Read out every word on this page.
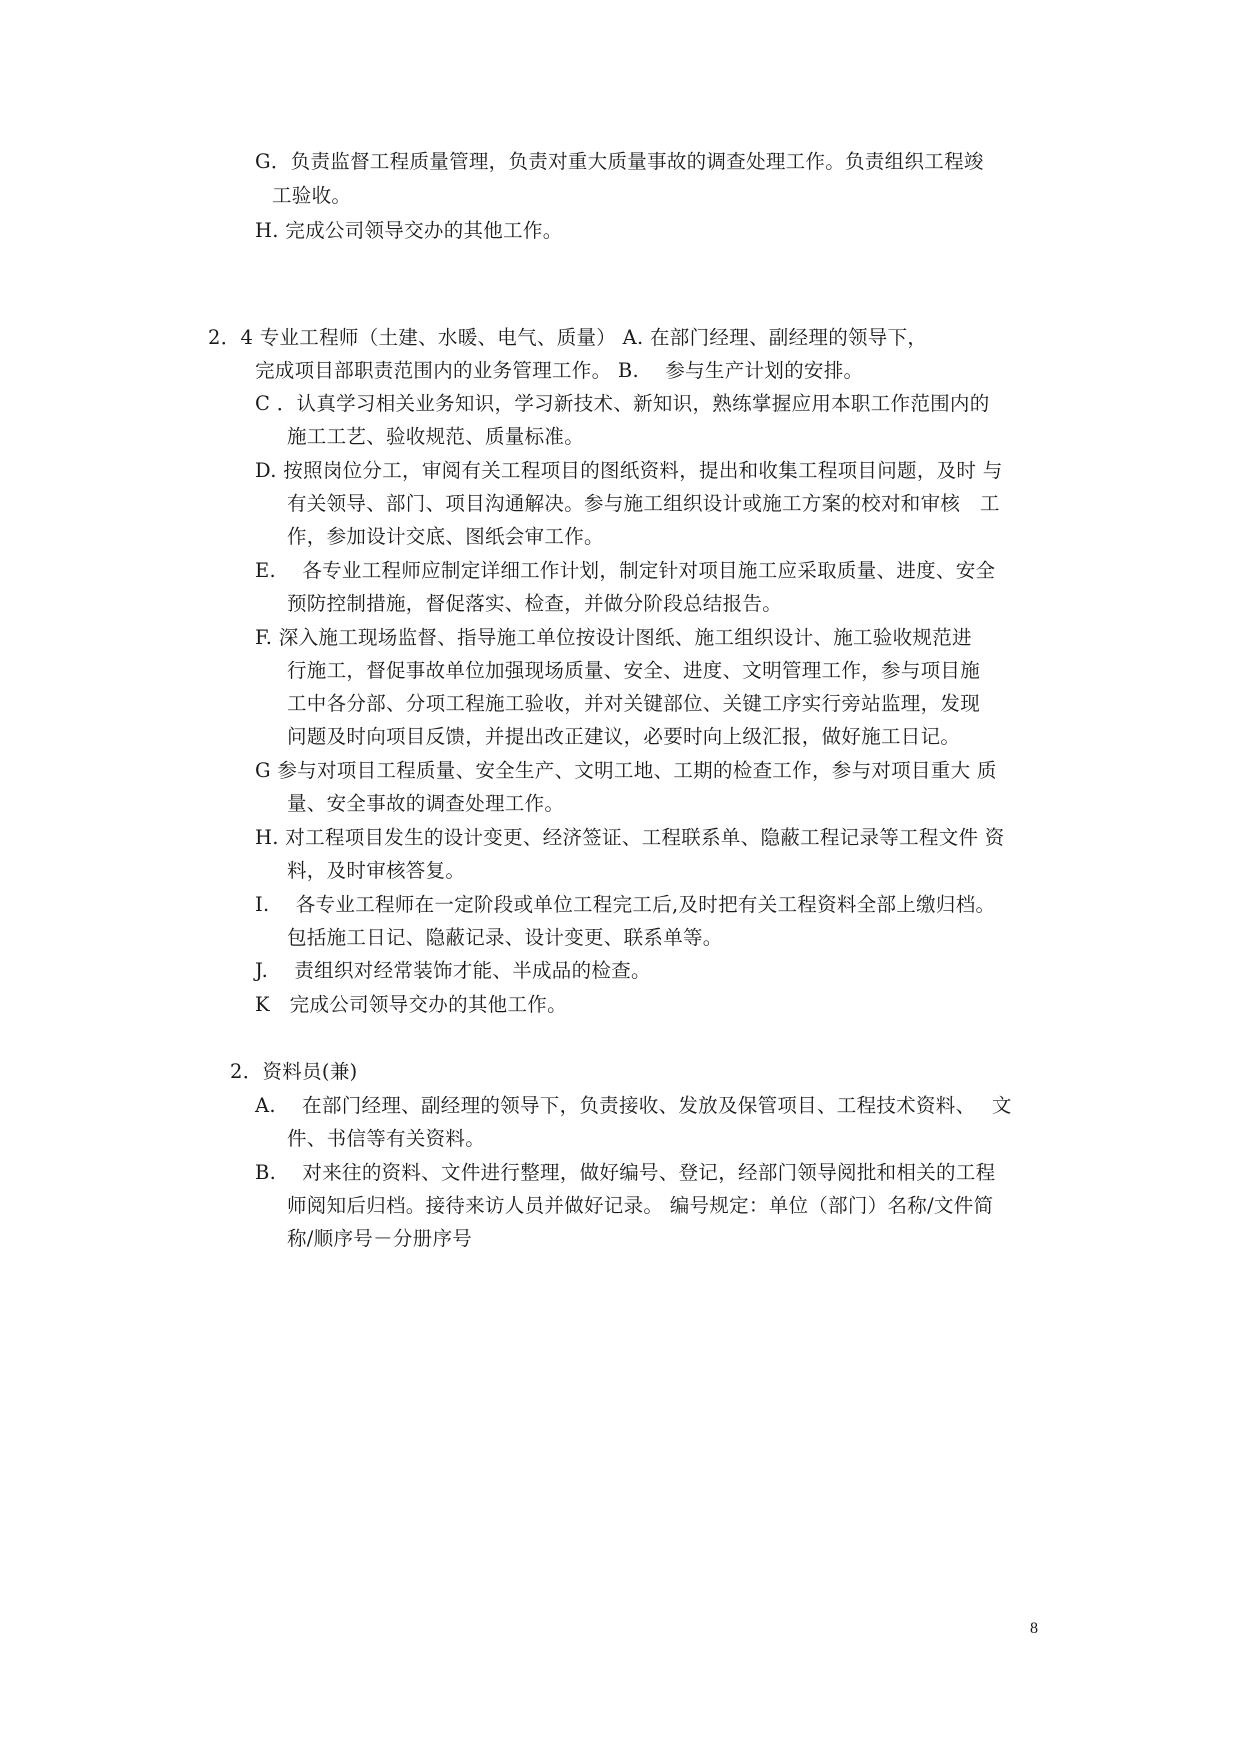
G．负责监督工程质量管理，负责对重大质量事故的调查处理工作。负责组织工程竣
工验收。
H. 完成公司领导交办的其他工作。
2．4 专业工程师（土建、水暖、电气、质量） A. 在部门经理、副经理的领导下，
完成项目部职责范围内的业务管理工作。 B.　 参与生产计划的安排。
C ．认真学习相关业务知识，学习新技术、新知识，熟练掌握应用本职工作范围内的
施工工艺、验收规范、质量标准。
D. 按照岗位分工，审阅有关工程项目的图纸资料，提出和收集工程项目问题，及时 与
有关领导、部门、项目沟通解决。参与施工组织设计或施工方案的校对和审核　工
作，参加设计交底、图纸会审工作。
E.　 各专业工程师应制定详细工作计划，制定针对项目施工应采取质量、进度、安全
预防控制措施，督促落实、检查，并做分阶段总结报告。
F. 深入施工现场监督、指导施工单位按设计图纸、施工组织设计、施工验收规范进
行施工，督促事故单位加强现场质量、安全、进度、文明管理工作，参与项目施
工中各分部、分项工程施工验收，并对关键部位、关键工序实行旁站监理，发现
问题及时向项目反馈，并提出改正建议，必要时向上级汇报，做好施工日记。
G 参与对项目工程质量、安全生产、文明工地、工期的检查工作，参与对项目重大 质
量、安全事故的调查处理工作。
H. 对工程项目发生的设计变更、经济签证、工程联系单、隐蔽工程记录等工程文件 资
料，及时审核答复。
I.　 各专业工程师在一定阶段或单位工程完工后,及时把有关工程资料全部上缴归档。
包括施工日记、隐蔽记录、设计变更、联系单等。
J.　 责组织对经常装饰才能、半成品的检查。
K　完成公司领导交办的其他工作。
2．资料员(兼)
A.　 在部门经理、副经理的领导下，负责接收、发放及保管项目、工程技术资料、　 文
件、书信等有关资料。
B.　 对来往的资料、文件进行整理，做好编号、登记，经部门领导阅批和相关的工程
师阅知后归档。接待来访人员并做好记录。 编号规定：单位（部门）名称/文件简
称/顺序号－分册序号
8
